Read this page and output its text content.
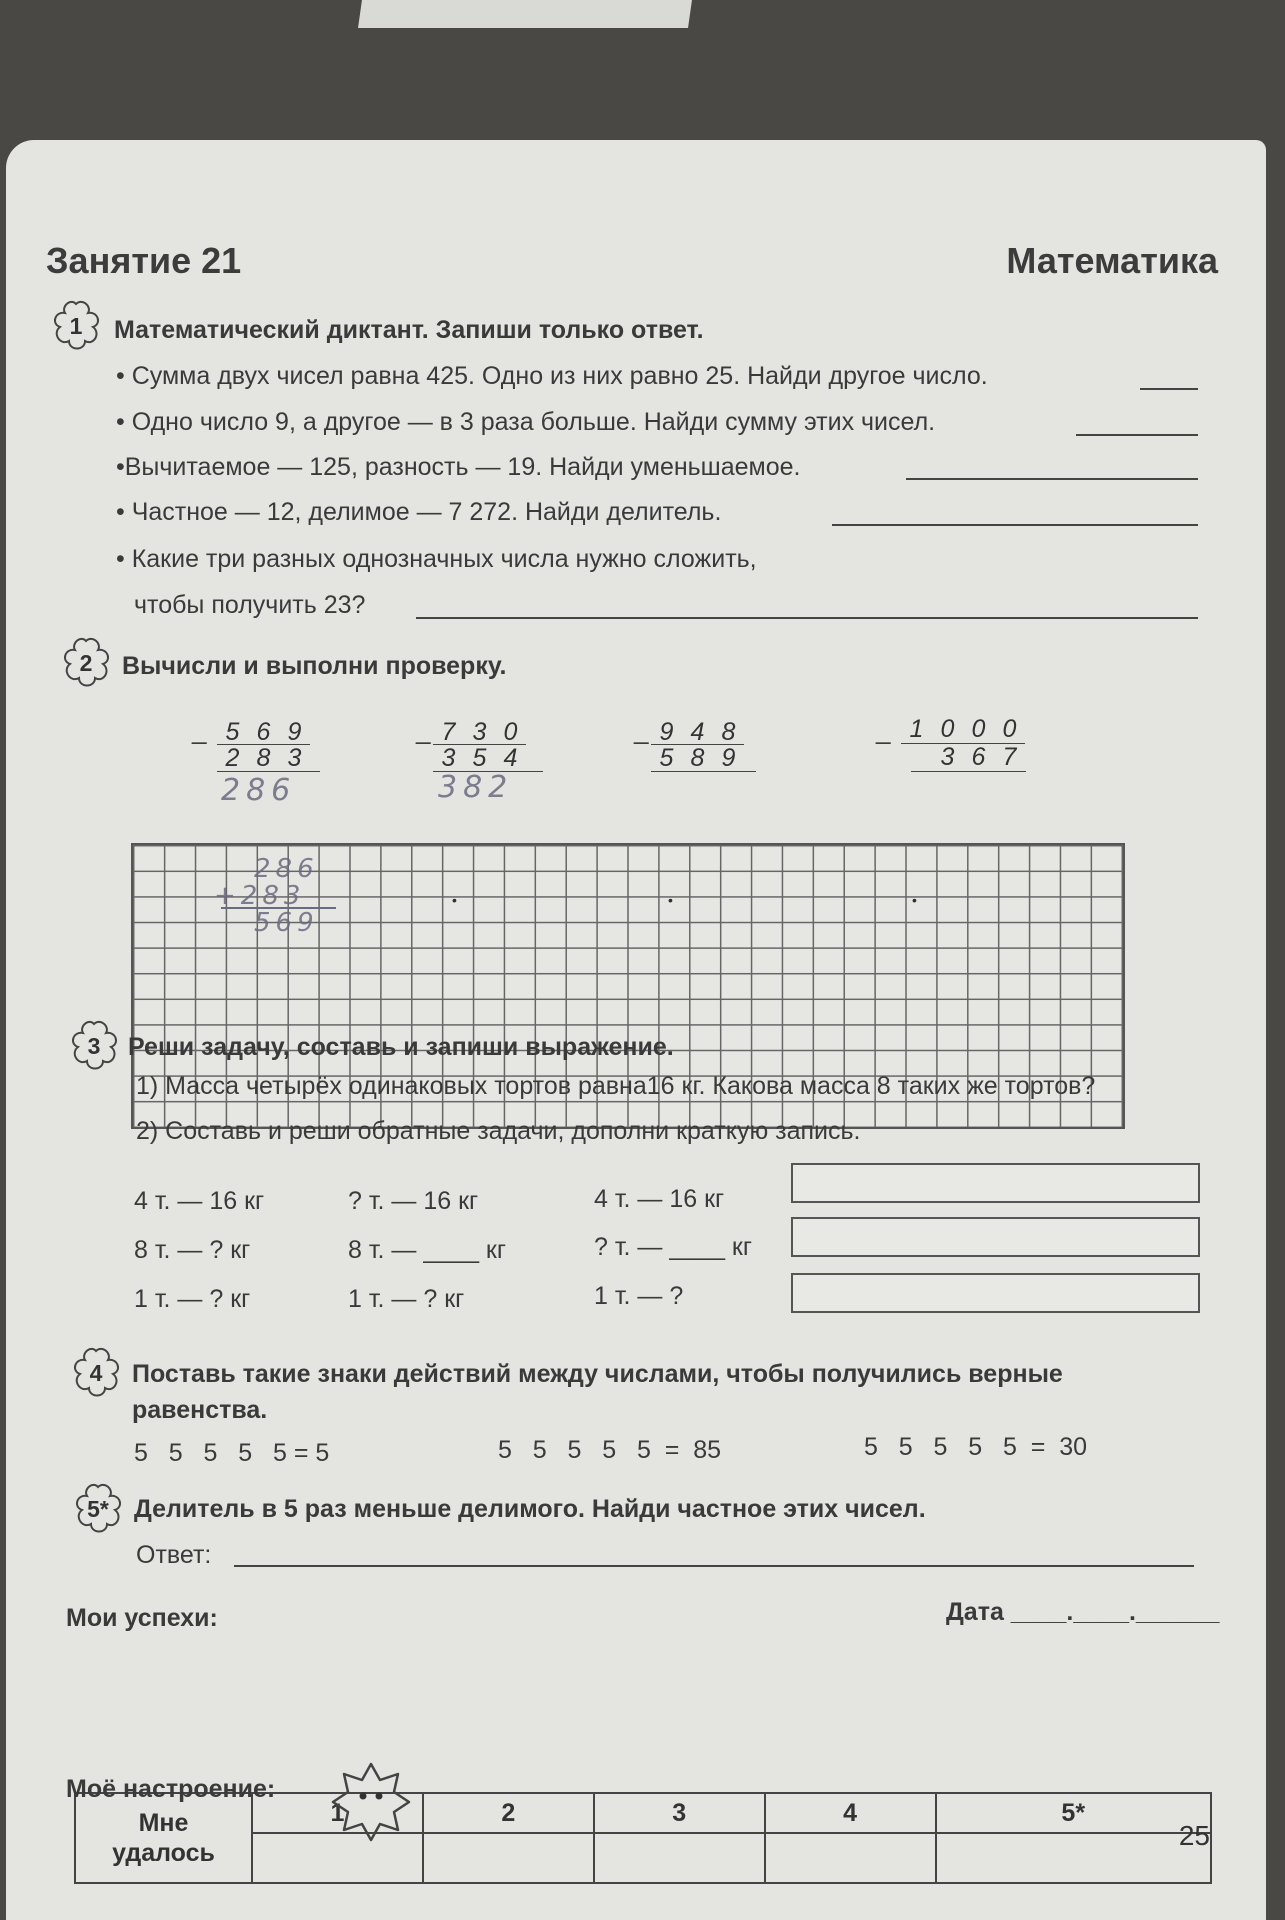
Занятие 21	Математика
1	Математический диктант. Запиши только ответ.
• Сумма двух чисел равна 425. Одно из них равно 25. Найди другое число.
• Одно число 9, а другое — в 3 раза больше. Найди сумму этих чисел.
•Вычитаемое — 125, разность — 19. Найди уменьшаемое.
• Частное — 12, делимое — 7 272. Найди делитель.
• Какие три разных однозначных числа нужно сложить,
чтобы получить 23?
2	Вычисли и выполни проверку.
_ 5 6 9
2 8 3
286
286
+283
569
_ 7 3 0
3 5 4
382
•
_ 9 4 8
5 8 9
•
_ 1 0 0 0
3 6 7
•
3	Реши задачу, составь и запиши выражение.
1) Масса четырёх одинаковых тортов равна16 кг. Какова масса 8 таких же тортов?
2) Составь и реши обратные задачи, дополни краткую запись.
4 т. — 16 кг
8 т. — ? кг
1 т. — ? кг
? т. — 16 кг
8 т. — ____ кг
1 т. — ? кг
4 т. — 16 кг
? т. — ____ кг
1 т. — ?
4	Поставь такие знаки действий между числами, чтобы получились верные
равенства.
5   5   5   5   5 = 5	5   5   5   5   5  =  85	5   5   5   5   5  =  30
5*	Делитель в 5 раз меньше делимого. Найди частное этих чисел.
Ответ:
Мои успехи:	Дата ____.____.______
Мне
удалось	1	2	3	4	5*

Моё настроение:
25
